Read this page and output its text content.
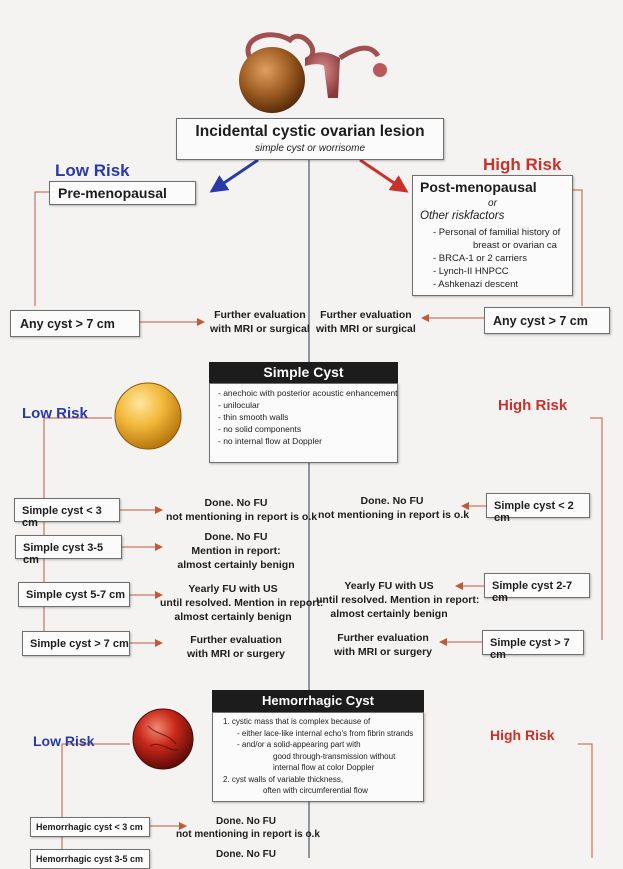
Incidental cystic ovarian lesion
simple cyst or worrisome
Low Risk
Pre-menopausal
Any cyst > 7 cm
Further evaluation
with MRI or surgical
Further evaluation
with MRI or surgical
High Risk
Post-menopausal
or
Other riskfactors
- Personal of familial history of
breast or ovarian ca
- BRCA-1 or 2 carriers
- Lynch-II HNPCC
- Ashkenazi descent
Any cyst > 7 cm
Simple Cyst
- anechoic with posterior acoustic enhancement
- unilocular
- thin smooth walls
- no solid components
- no internal flow at Doppler
Low Risk	High Risk
Simple cyst < 3 cm
Simple cyst 3-5 cm
Simple cyst 5-7 cm
Simple cyst > 7 cm
Done. No FU
not mentioning in report is o.k
Done. No FU
Mention in report:
almost certainly benign
Yearly FU with US
until resolved. Mention in report:
almost certainly benign
Further evaluation
with MRI or surgery
Done. No FU
not mentioning in report is o.k
Yearly FU with US
until resolved. Mention in report:
almost certainly benign
Further evaluation
with MRI or surgery
Simple cyst < 2 cm
Simple cyst 2-7 cm
Simple cyst > 7 cm
Hemorrhagic Cyst
1. cystic mass that is complex because of
- either lace-like internal echo's from fibrin strands
- and/or a solid-appearing part with
good through-transmission without
internal flow at color Doppler
2. cyst walls of variable thickness,
often with circumferential flow
Low Risk	High Risk
Hemorrhagic cyst < 3 cm
Hemorrhagic cyst 3-5 cm
Done. No FU
not mentioning in report is o.k
Done. No FU
